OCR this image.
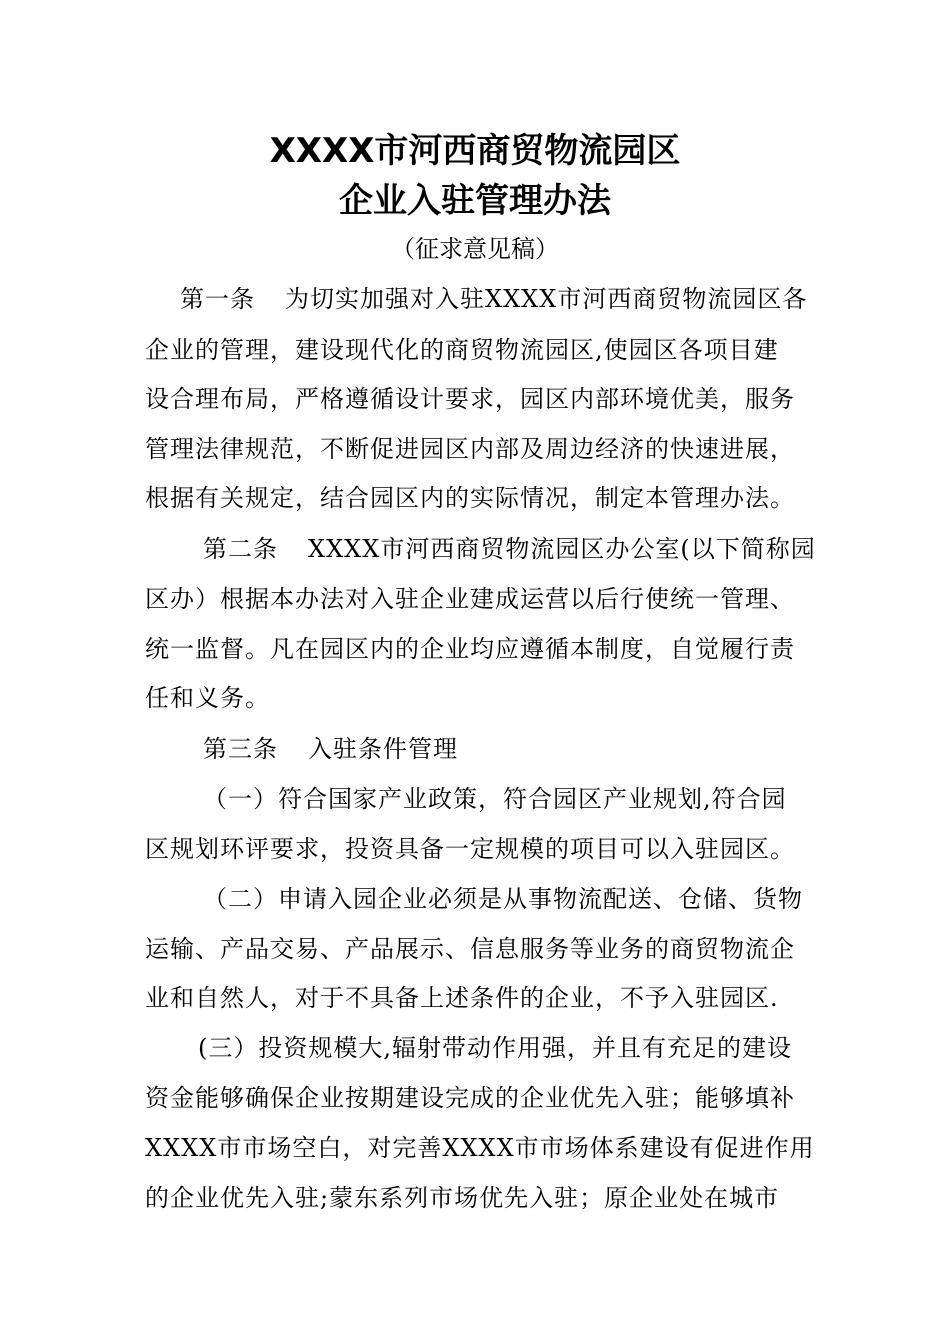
XXXX市河西商贸物流园区
企业入驻管理办法
（征求意见稿）
第一条 为切实加强对入驻XXXX市河西商贸物流园区各
企业的管理，建设现代化的商贸物流园区,使园区各项目建
设合理布局，严格遵循设计要求，园区内部环境优美，服务
管理法律规范，不断促进园区内部及周边经济的快速进展，
根据有关规定，结合园区内的实际情况，制定本管理办法。
第二条 XXXX市河西商贸物流园区办公室(以下简称园
区办）根据本办法对入驻企业建成运营以后行使统一管理、
统一监督。凡在园区内的企业均应遵循本制度，自觉履行责
任和义务。
第三条 入驻条件管理
（一）符合国家产业政策，符合园区产业规划,符合园
区规划环评要求，投资具备一定规模的项目可以入驻园区。
（二）申请入园企业必须是从事物流配送、仓储、货物
运输、产品交易、产品展示、信息服务等业务的商贸物流企
业和自然人，对于不具备上述条件的企业，不予入驻园区.
(三）投资规模大,辐射带动作用强，并且有充足的建设
资金能够确保企业按期建设完成的企业优先入驻；能够填补
XXXX市市场空白，对完善XXXX市市场体系建设有促进作用
的企业优先入驻;蒙东系列市场优先入驻；原企业处在城市
